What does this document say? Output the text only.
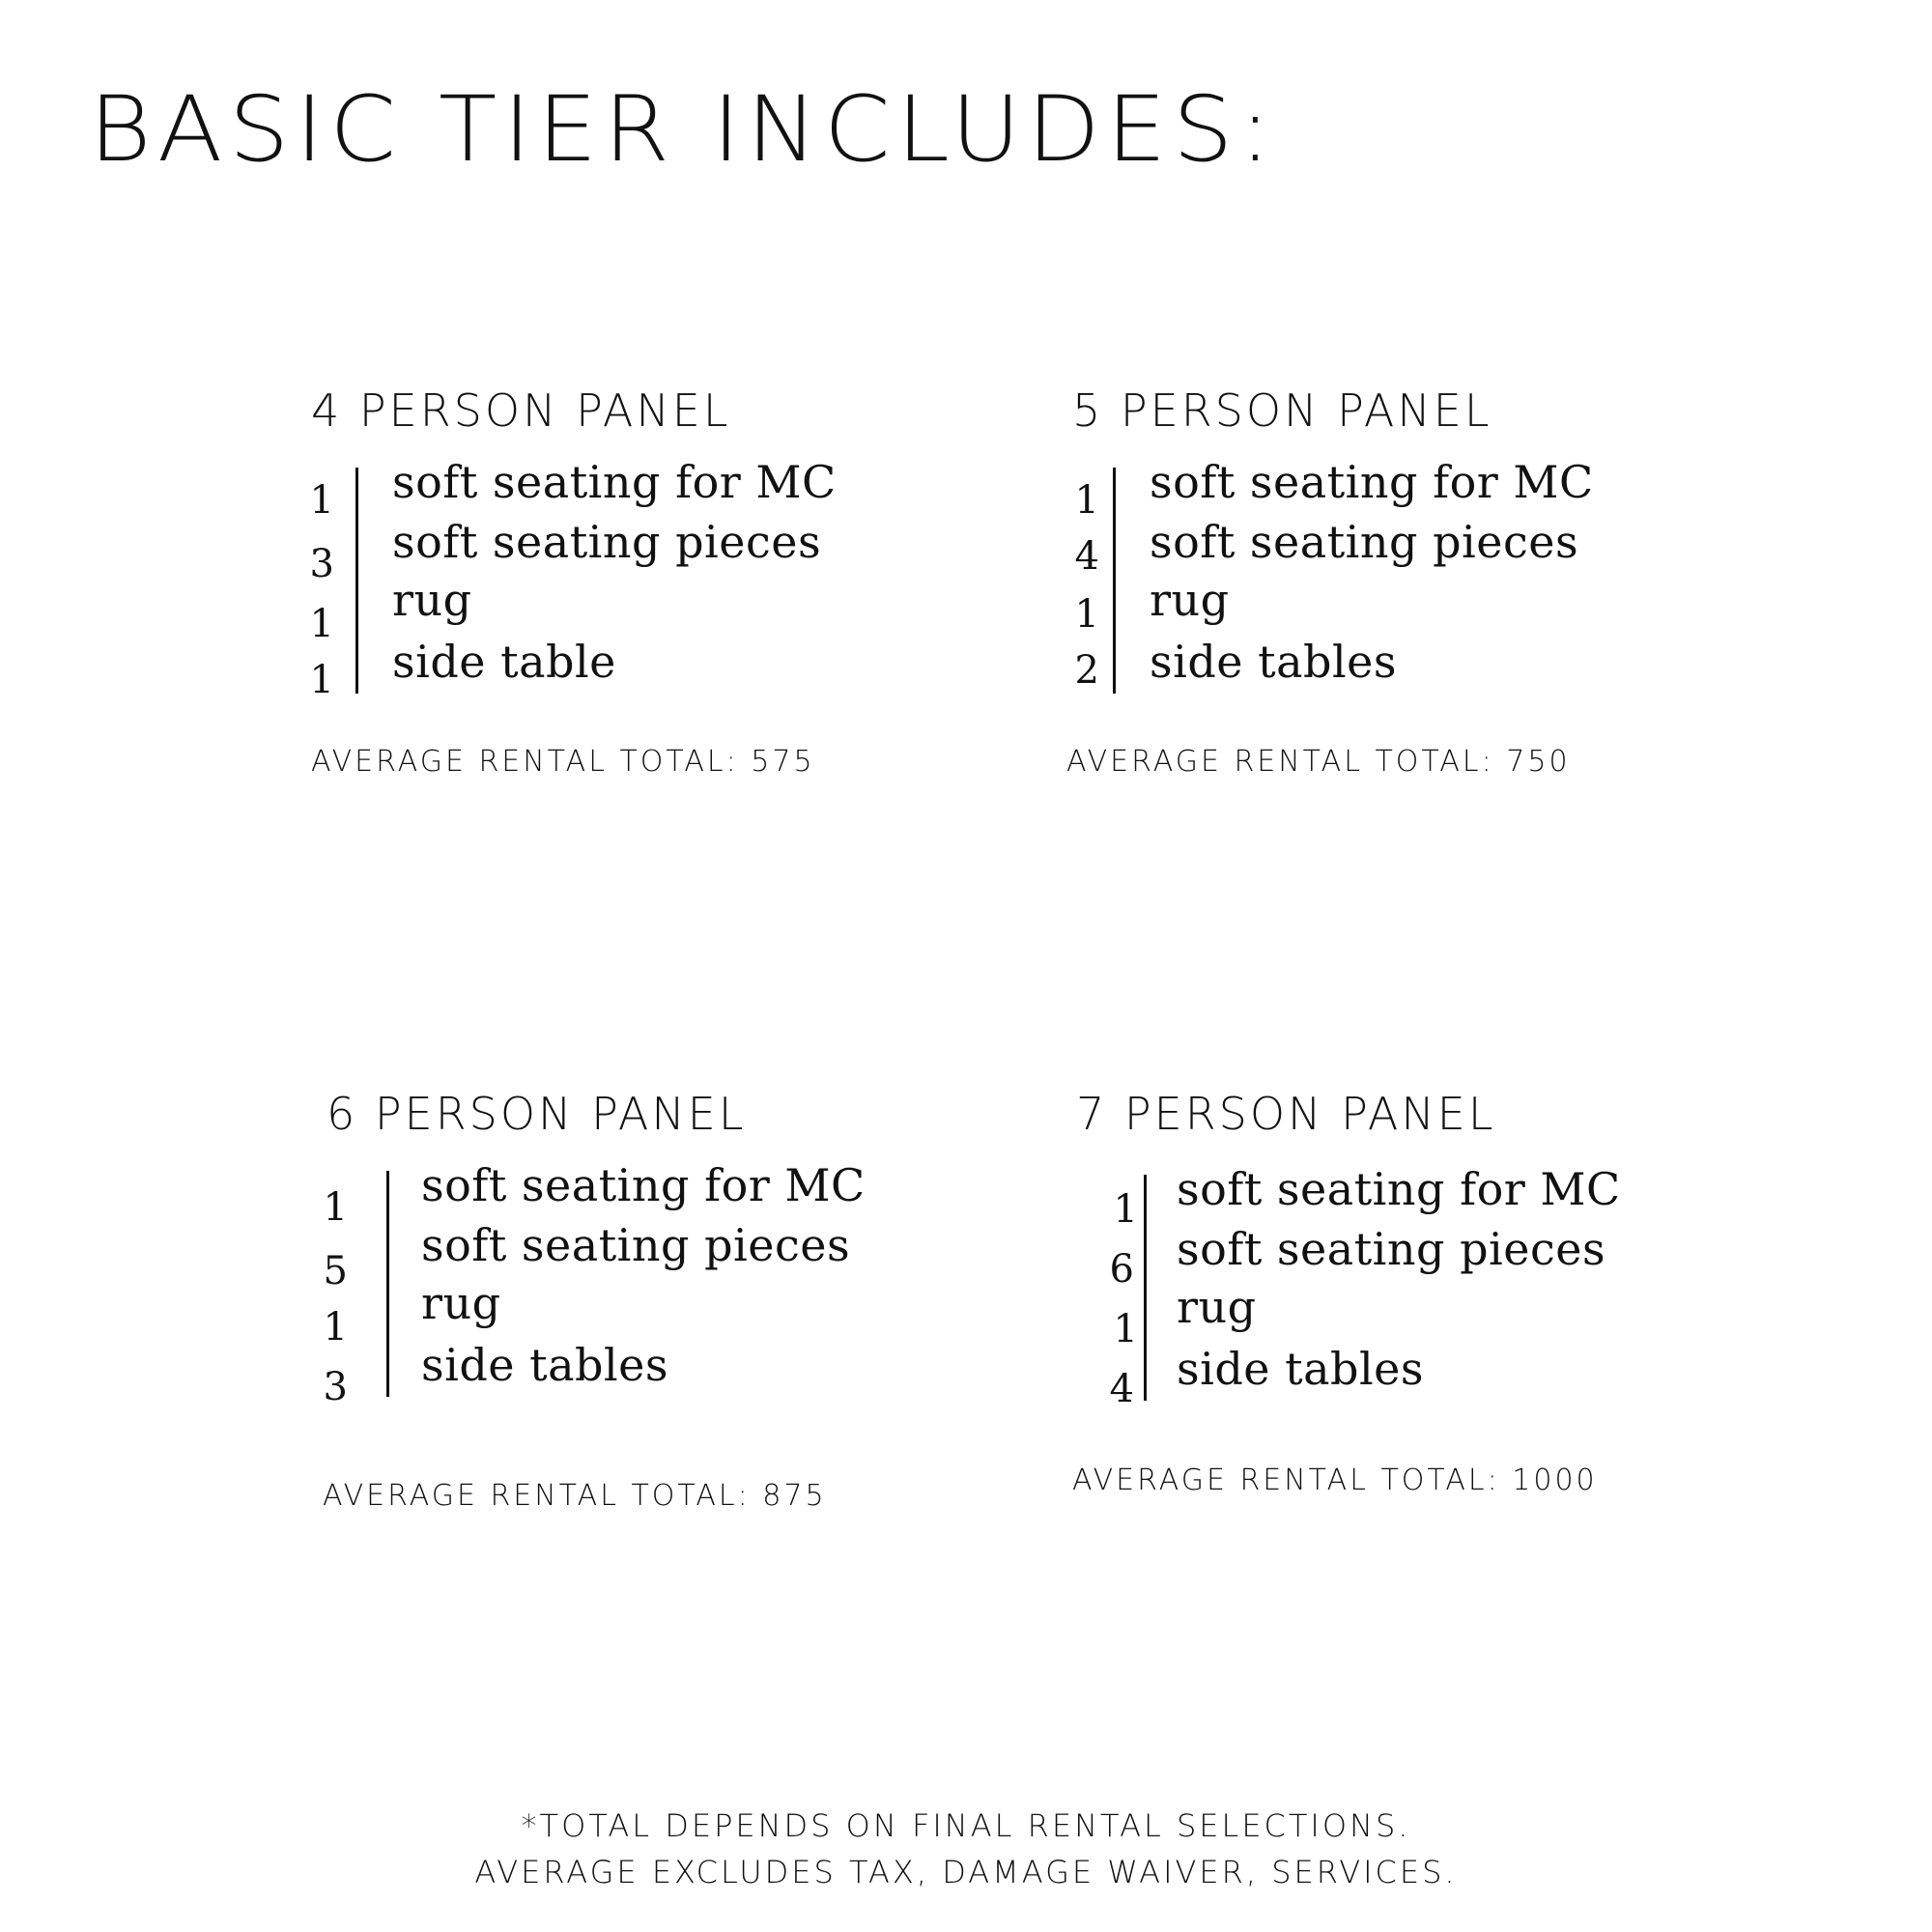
BASIC TIER INCLUDES:
4 PERSON PANEL
1
3
1
1
soft seating for MC
soft seating pieces
rug
side table
AVERAGE RENTAL TOTAL: 575
5 PERSON PANEL
1
4
1
2
soft seating for MC
soft seating pieces
rug
side tables
AVERAGE RENTAL TOTAL: 750
6 PERSON PANEL
1
5
1
3
soft seating for MC
soft seating pieces
rug
side tables
AVERAGE RENTAL TOTAL: 875
7 PERSON PANEL
1
6
1
4
soft seating for MC
soft seating pieces
rug
side tables
AVERAGE RENTAL TOTAL: 1000
*TOTAL DEPENDS ON FINAL RENTAL SELECTIONS.
AVERAGE EXCLUDES TAX, DAMAGE WAIVER, SERVICES.
